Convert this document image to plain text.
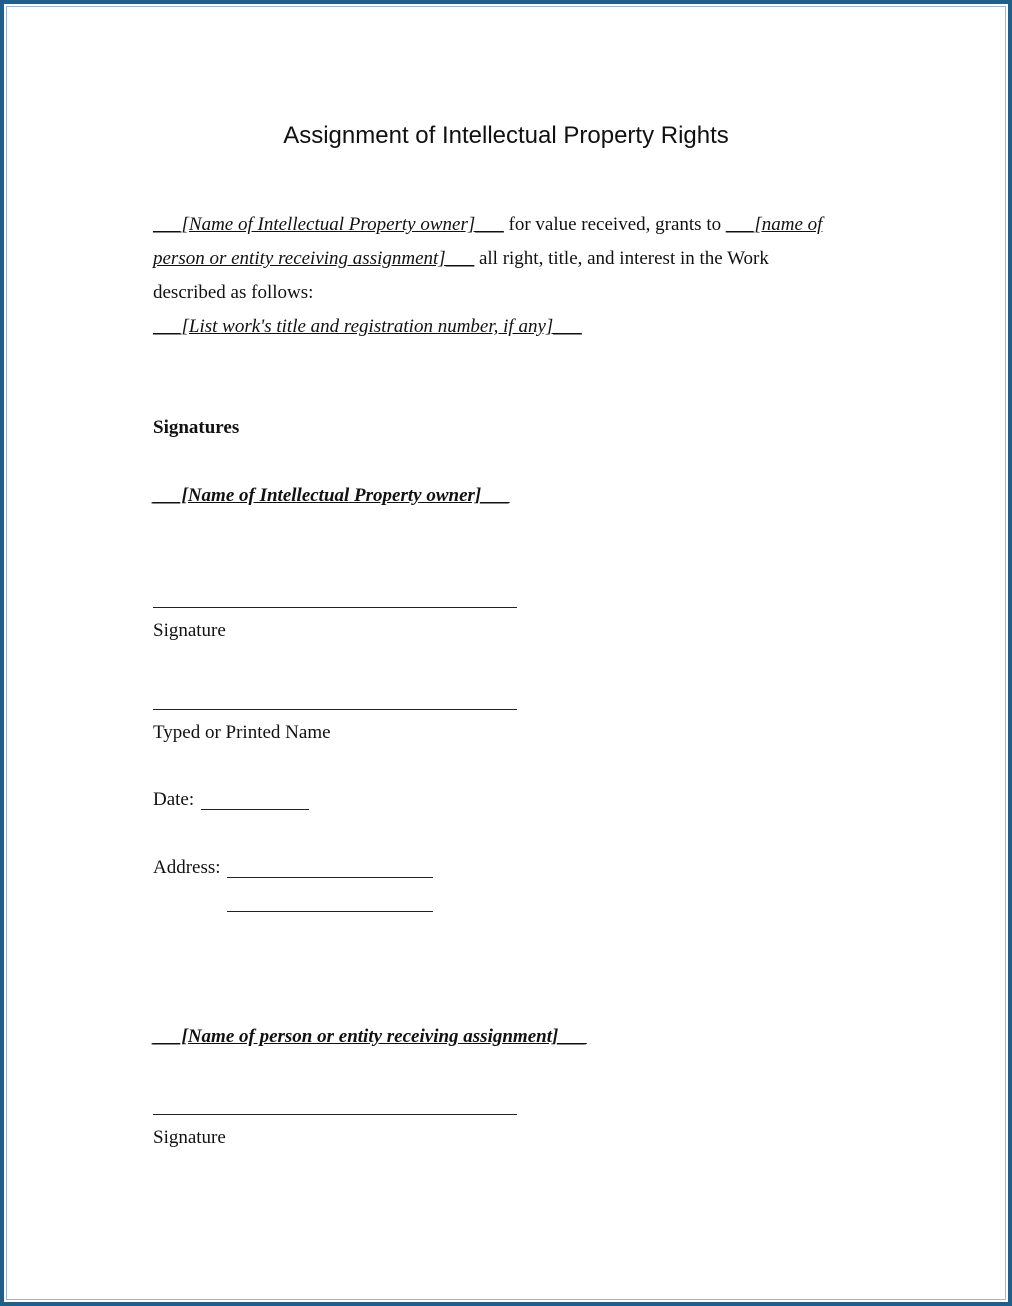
Assignment of Intellectual Property Rights
___[Name of Intellectual Property owner]___ for value received, grants to ___[name of
person or entity receiving assignment]___ all right, title, and interest in the Work
described as follows:
___[List work's title and registration number, if any]___
Signatures
___[Name of Intellectual Property owner]___
Signature
Typed or Printed Name
Date:
Address:
___[Name of person or entity receiving assignment]___
Signature
